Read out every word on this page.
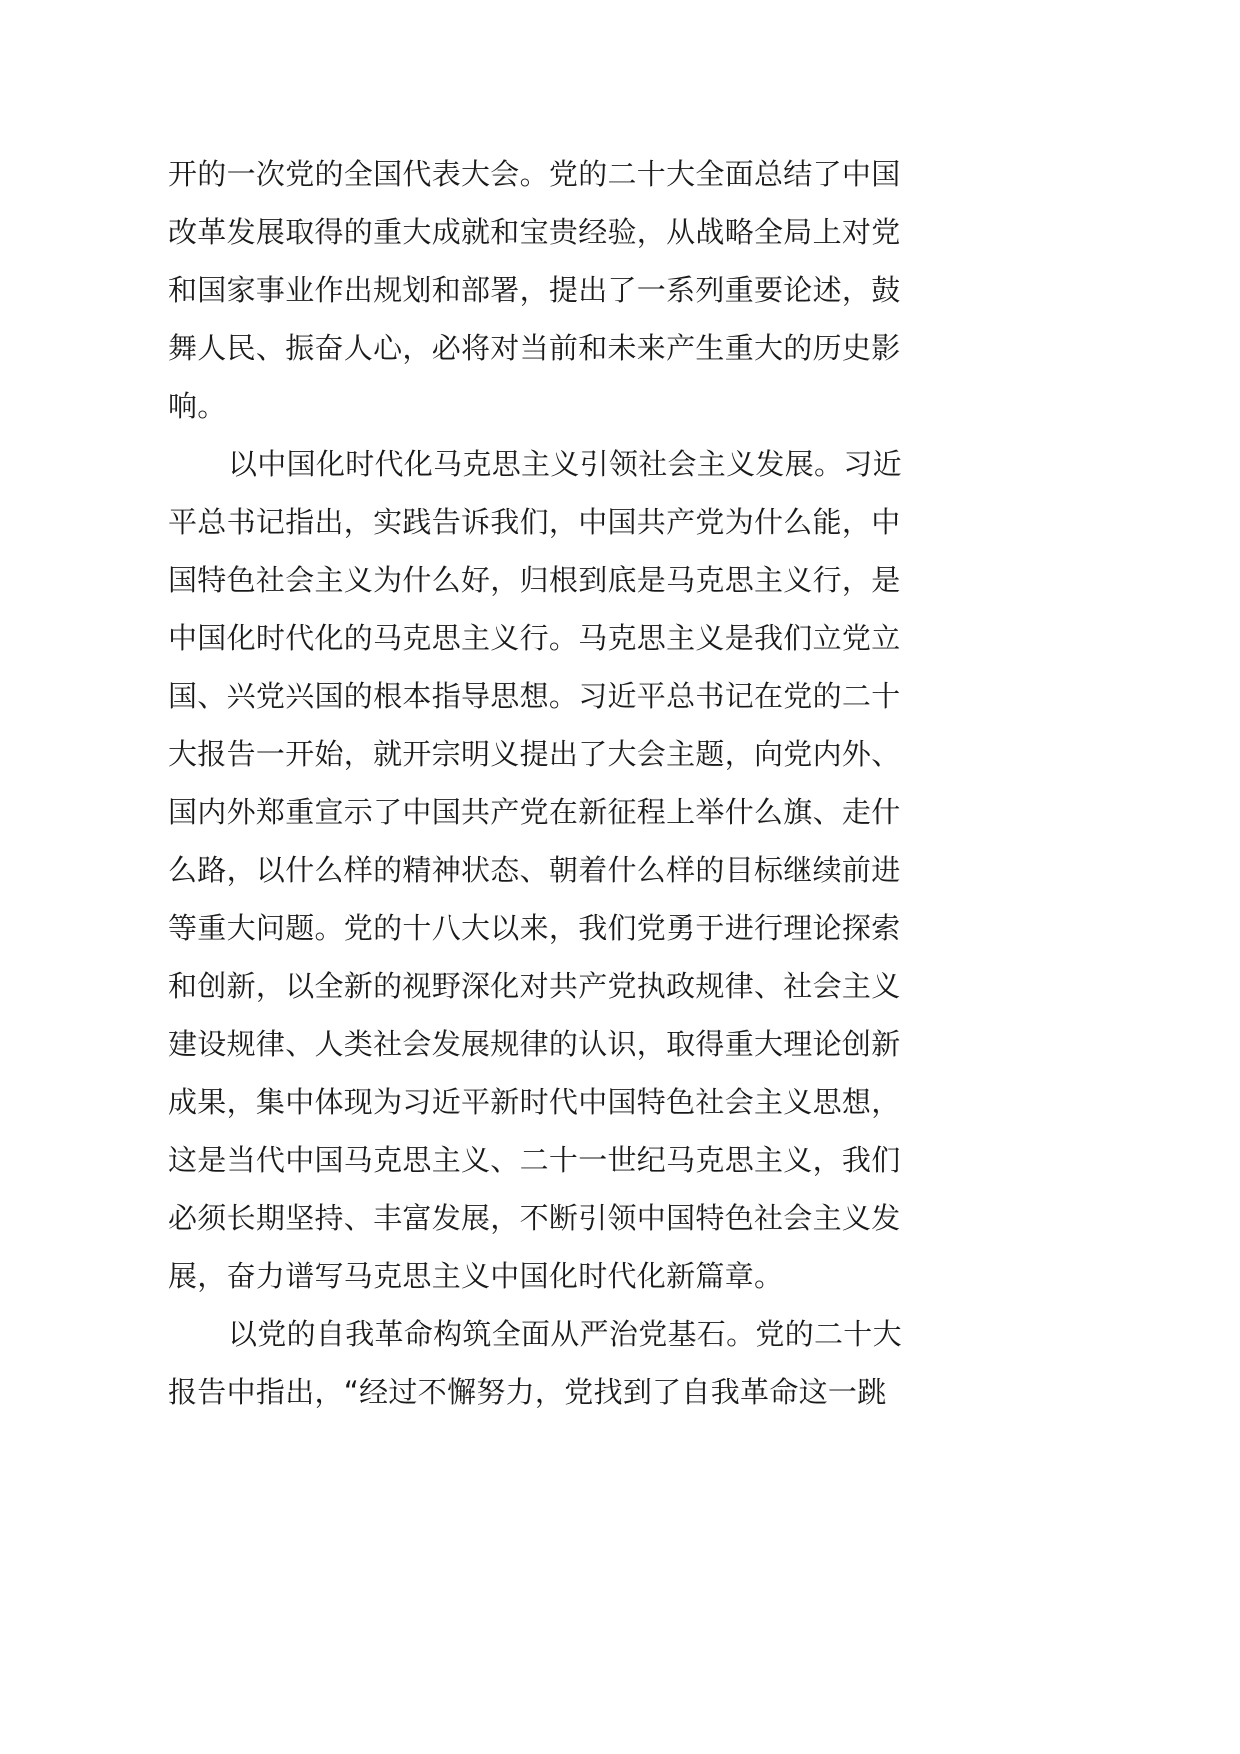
开的一次党的全国代表大会。党的二十大全面总结了中国
改革发展取得的重大成就和宝贵经验，从战略全局上对党
和国家事业作出规划和部署，提出了一系列重要论述，鼓
舞人民、振奋人心，必将对当前和未来产生重大的历史影
响。
以中国化时代化马克思主义引领社会主义发展。习近
平总书记指出，实践告诉我们，中国共产党为什么能，中
国特色社会主义为什么好，归根到底是马克思主义行，是
中国化时代化的马克思主义行。马克思主义是我们立党立
国、兴党兴国的根本指导思想。习近平总书记在党的二十
大报告一开始，就开宗明义提出了大会主题，向党内外、
国内外郑重宣示了中国共产党在新征程上举什么旗、走什
么路，以什么样的精神状态、朝着什么样的目标继续前进
等重大问题。党的十八大以来，我们党勇于进行理论探索
和创新，以全新的视野深化对共产党执政规律、社会主义
建设规律、人类社会发展规律的认识，取得重大理论创新
成果，集中体现为习近平新时代中国特色社会主义思想，
这是当代中国马克思主义、二十一世纪马克思主义，我们
必须长期坚持、丰富发展，不断引领中国特色社会主义发
展，奋力谱写马克思主义中国化时代化新篇章。
以党的自我革命构筑全面从严治党基石。党的二十大
报告中指出，“经过不懈努力，党找到了自我革命这一跳
